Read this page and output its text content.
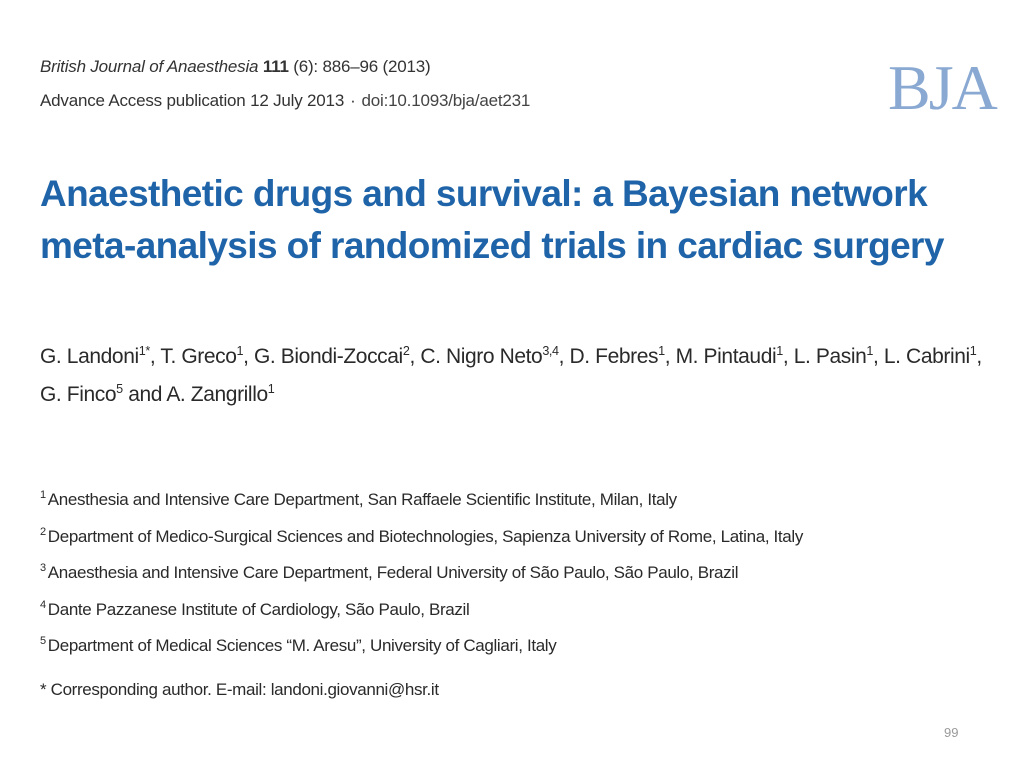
British Journal of Anaesthesia 111 (6): 886–96 (2013)
Advance Access publication 12 July 2013 · doi:10.1093/bja/aet231	BJA
Anaesthetic drugs and survival: a Bayesian network
meta-analysis of randomized trials in cardiac surgery
G. Landoni$^{1*}$, T. Greco$^1$, G. Biondi-Zoccai$^2$, C. Nigro Neto$^{3,4}$, D. Febres$^1$, M. Pintaudi$^1$, L. Pasin$^1$, L. Cabrini$^1$,
G. Finco$^5$ and A. Zangrillo$^1$
$^1$ Anesthesia and Intensive Care Department, San Raffaele Scientific Institute, Milan, Italy
$^2$ Department of Medico-Surgical Sciences and Biotechnologies, Sapienza University of Rome, Latina, Italy
$^3$ Anaesthesia and Intensive Care Department, Federal University of São Paulo, São Paulo, Brazil
$^4$ Dante Pazzanese Institute of Cardiology, São Paulo, Brazil
$^5$ Department of Medical Sciences “M. Aresu”, University of Cagliari, Italy
* Corresponding author. E-mail: landoni.giovanni@hsr.it
99
